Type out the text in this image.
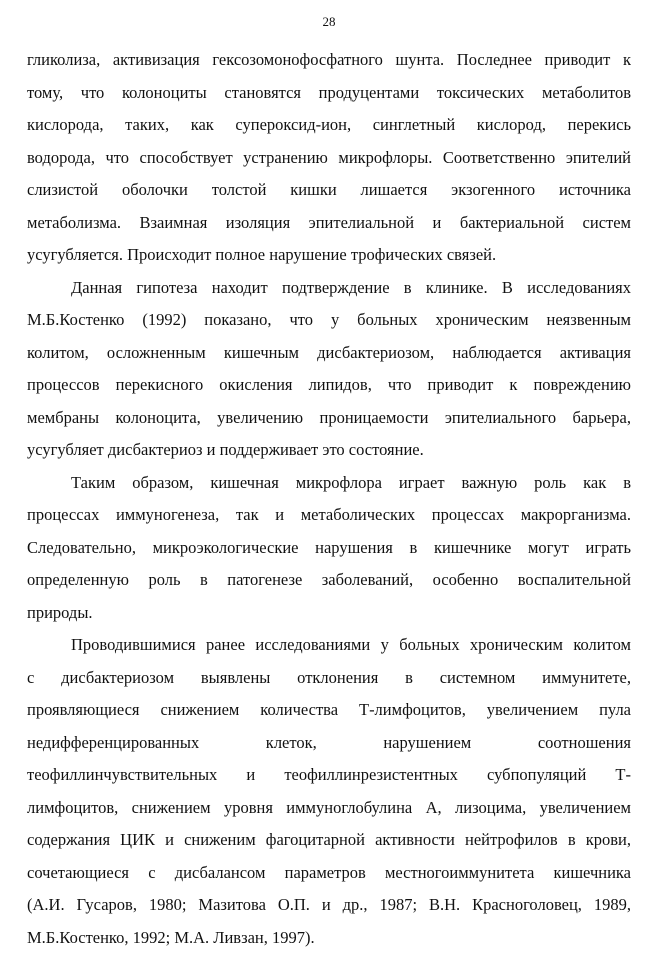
28
гликолиза, активизация гексозомонофосфатного шунта. Последнее приводит к
тому, что колоноциты становятся продуцентами токсических метаболитов
кислорода, таких, как супероксид-ион, синглетный кислород, перекись
водорода, что способствует устранению микрофлоры. Соответственно эпителий
слизистой оболочки толстой кишки лишается экзогенного источника
метаболизма. Взаимная изоляция эпителиальной и бактериальной систем
усугубляется. Происходит полное нарушение трофических связей.
Данная гипотеза находит подтверждение в клинике. В исследованиях
М.Б.Костенко (1992) показано, что у больных хроническим неязвенным
колитом, осложненным кишечным дисбактериозом, наблюдается активация
процессов перекисного окисления липидов, что приводит к повреждению
мембраны колоноцита, увеличению проницаемости эпителиального барьера,
усугубляет дисбактериоз и поддерживает это состояние.
Таким образом, кишечная микрофлора играет важную роль как в
процессах иммуногенеза, так и метаболических процессах макрорганизма.
Следовательно, микроэкологические нарушения в кишечнике могут играть
определенную роль в патогенезе заболеваний, особенно воспалительной
природы.
Проводившимися ранее исследованиями у больных хроническим колитом
с дисбактериозом выявлены отклонения в системном иммунитете,
проявляющиеся снижением количества Т-лимфоцитов, увеличением пула
недифференцированных клеток, нарушением соотношения
теофиллинчувствительных и теофиллинрезистентных субпопуляций Т-
лимфоцитов, снижением уровня иммуноглобулина А, лизоцима, увеличением
содержания ЦИК и сниженим фагоцитарной активности нейтрофилов в крови,
сочетающиеся с дисбалансом параметров местногоиммунитета кишечника
(А.И. Гусаров, 1980; Мазитова О.П. и др., 1987; В.Н. Красноголовец, 1989,
М.Б.Костенко, 1992; М.А. Ливзан, 1997).
